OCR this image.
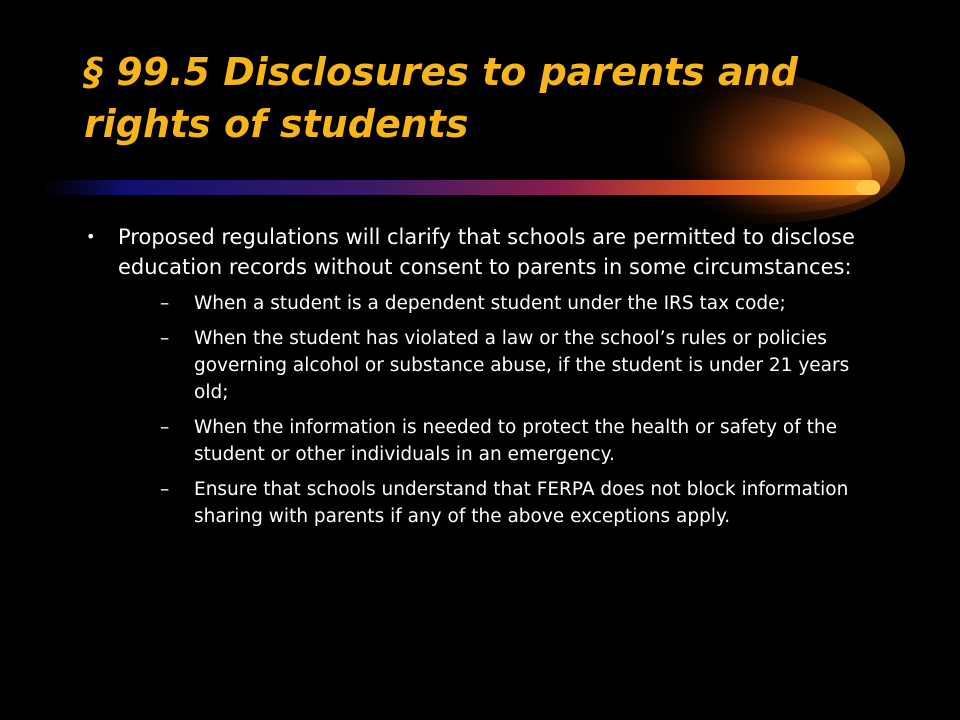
§ 99.5 Disclosures to parents and rights of students
• Proposed regulations will clarify that schools are permitted to disclose education records without consent to parents in some circumstances:
– When a student is a dependent student under the IRS tax code;
– When the student has violated a law or the school’s rules or policies governing alcohol or substance abuse, if the student is under 21 years old;
– When the information is needed to protect the health or safety of the student or other individuals in an emergency.
– Ensure that schools understand that FERPA does not block information sharing with parents if any of the above exceptions apply.
